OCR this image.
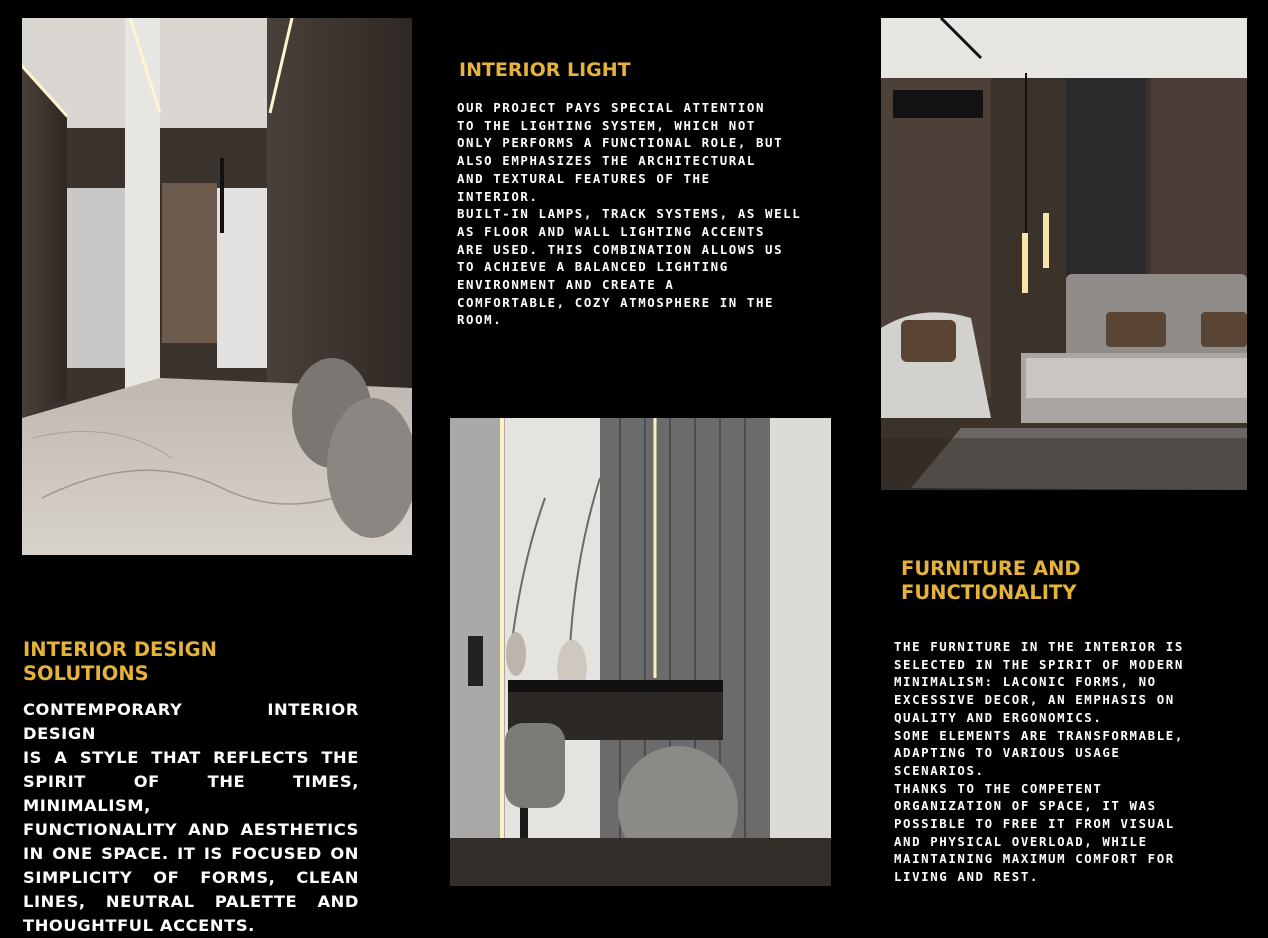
INTERIOR LIGHT

OUR PROJECT PAYS SPECIAL ATTENTION
TO THE LIGHTING SYSTEM, WHICH NOT
ONLY PERFORMS A FUNCTIONAL ROLE, BUT
ALSO EMPHASIZES THE ARCHITECTURAL
AND TEXTURAL FEATURES OF THE
INTERIOR.
BUILT-IN LAMPS, TRACK SYSTEMS, AS WELL
AS FLOOR AND WALL LIGHTING ACCENTS
ARE USED. THIS COMBINATION ALLOWS US
TO ACHIEVE A BALANCED LIGHTING
ENVIRONMENT AND CREATE A
COMFORTABLE, COZY ATMOSPHERE IN THE
ROOM.

INTERIOR DESIGN
SOLUTIONS

CONTEMPORARY INTERIOR DESIGN
IS A STYLE THAT REFLECTS THE
SPIRIT OF THE TIMES, MINIMALISM,
FUNCTIONALITY AND AESTHETICS
IN ONE SPACE. IT IS FOCUSED ON
SIMPLICITY OF FORMS, CLEAN
LINES, NEUTRAL PALETTE AND
THOUGHTFUL ACCENTS.

FURNITURE AND
FUNCTIONALITY

THE FURNITURE IN THE INTERIOR IS
SELECTED IN THE SPIRIT OF MODERN
MINIMALISM: LACONIC FORMS, NO
EXCESSIVE DECOR, AN EMPHASIS ON
QUALITY AND ERGONOMICS.
SOME ELEMENTS ARE TRANSFORMABLE,
ADAPTING TO VARIOUS USAGE
SCENARIOS.
THANKS TO THE COMPETENT
ORGANIZATION OF SPACE, IT WAS
POSSIBLE TO FREE IT FROM VISUAL
AND PHYSICAL OVERLOAD, WHILE
MAINTAINING MAXIMUM COMFORT FOR
LIVING AND REST.
